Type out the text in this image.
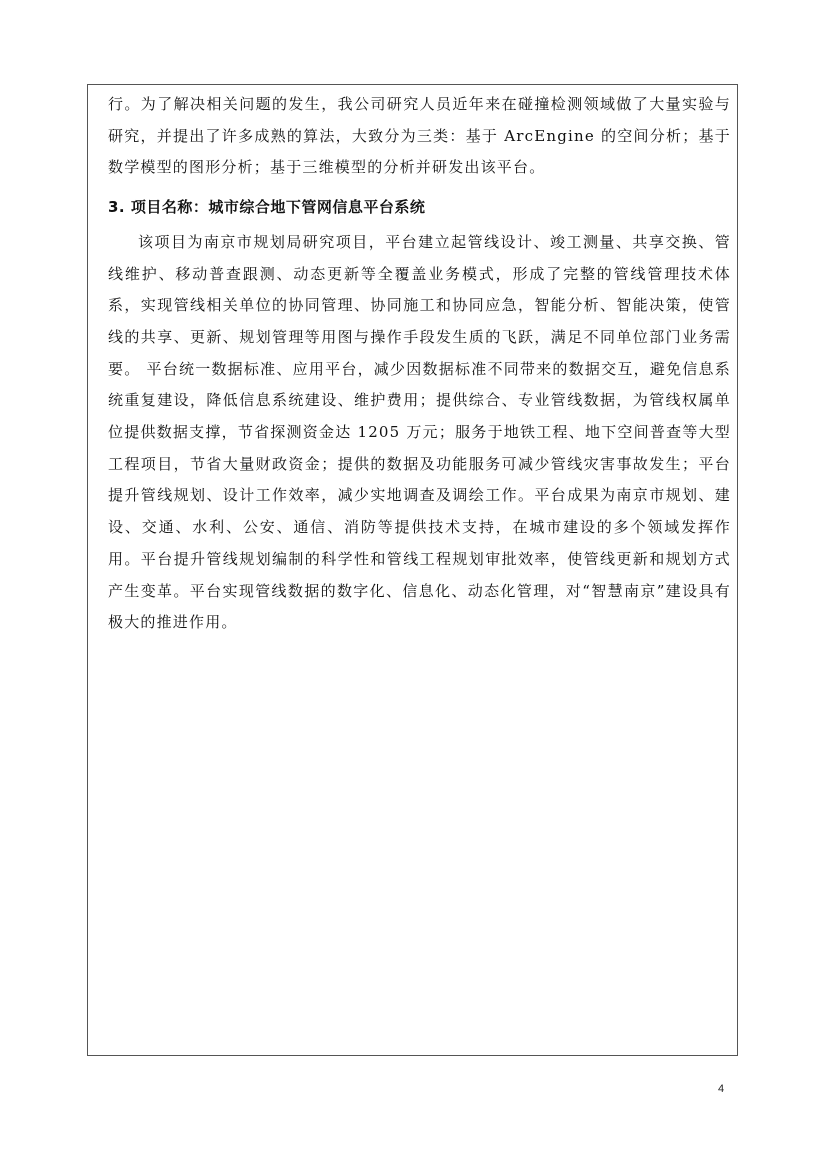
行。为了解决相关问题的发生，我公司研究人员近年来在碰撞检测领域做了大量实验与研究，并提出了许多成熟的算法，大致分为三类：基于 ArcEngine 的空间分析；基于数学模型的图形分析；基于三维模型的分析并研发出该平台。

3. 项目名称：城市综合地下管网信息平台系统

该项目为南京市规划局研究项目，平台建立起管线设计、竣工测量、共享交换、管线维护、移动普查跟测、动态更新等全覆盖业务模式，形成了完整的管线管理技术体系，实现管线相关单位的协同管理、协同施工和协同应急，智能分析、智能决策，使管线的共享、更新、规划管理等用图与操作手段发生质的飞跃，满足不同单位部门业务需要。 平台统一数据标准、应用平台，减少因数据标准不同带来的数据交互，避免信息系统重复建设，降低信息系统建设、维护费用；提供综合、专业管线数据，为管线权属单位提供数据支撑，节省探测资金达 1205 万元；服务于地铁工程、地下空间普查等大型工程项目，节省大量财政资金；提供的数据及功能服务可减少管线灾害事故发生；平台提升管线规划、设计工作效率，减少实地调查及调绘工作。平台成果为南京市规划、建设、交通、水利、公安、通信、消防等提供技术支持，在城市建设的多个领域发挥作用。平台提升管线规划编制的科学性和管线工程规划审批效率，使管线更新和规划方式产生变革。平台实现管线数据的数字化、信息化、动态化管理，对“智慧南京”建设具有极大的推进作用。

4
